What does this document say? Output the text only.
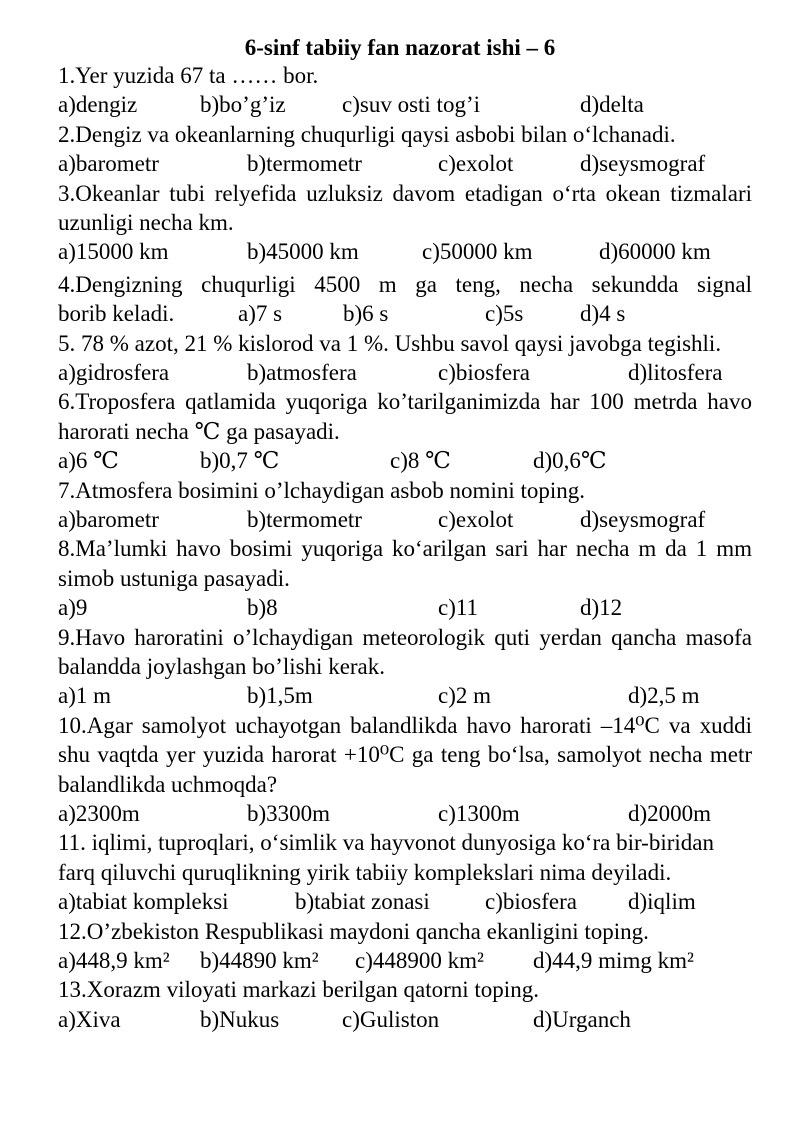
6-sinf tabiiy fan nazorat ishi – 6
1.Yer yuzida 67 ta …… bor.
a)dengiz	b)bo’g’iz c)suv osti tog’i	d)delta
2.Dengiz va okeanlarning chuqurligi qaysi asbobi bilan oʻlchanadi.
a)barometr	b)termometr	c)exolot	d)seysmograf
3.Okeanlar tubi relyefida uzluksiz davom etadigan oʻrta okean tizmalari uzunligi necha km.
a)15000 km	b)45000 km	c)50000 km	d)60000 km
4.Dengizning chuqurligi 4500 m ga teng, necha sekundda signal
borib keladi.	a)7 s	b)6 s	c)5s d)4 s
5. 78 % azot, 21 % kislorod va 1 %. Ushbu savol qaysi javobga tegishli.
a)gidrosfera	b)atmosfera	c)biosfera	d)litosfera
6.Troposfera qatlamida yuqoriga ko’tarilganimizda har 100 metrda havo harorati necha ℃ ga pasayadi.
a)6 ℃	b)0,7 ℃	c)8 ℃	d)0,6℃
7.Atmosfera bosimini o’lchaydigan asbob nomini toping.
a)barometr	b)termometr	c)exolot	d)seysmograf
8.Ma’lumki havo bosimi yuqoriga koʻarilgan sari har necha m da 1 mm simob ustuniga pasayadi.
a)9	b)8	c)11	d)12
9.Havo haroratini o’lchaydigan meteorologik quti yerdan qancha masofa balandda joylashgan bo’lishi kerak.
a)1 m	b)1,5m	c)2 m	d)2,5 m
10.Agar samolyot uchayotgan balandlikda havo harorati –14⁰C va xuddi shu vaqtda yer yuzida harorat +10⁰C ga teng boʻlsa, samolyot necha metr balandlikda uchmoqda?
a)2300m	b)3300m	c)1300m	d)2000m
11. iqlimi, tuproqlari, oʻsimlik va hayvonot dunyosiga koʻra bir-biridan farq qiluvchi quruqlikning yirik tabiiy komplekslari nima deyiladi.
a)tabiat kompleksi	b)tabiat zonasi c)biosfera d)iqlim
12.O’zbekiston Respublikasi maydoni qancha ekanligini toping.
a)448,9 km² b)44890 km² c)448900 km² d)44,9 mimg km²
13.Xorazm viloyati markazi berilgan qatorni toping.
a)Xiva	b)Nukus	c)Guliston	d)Urganch
